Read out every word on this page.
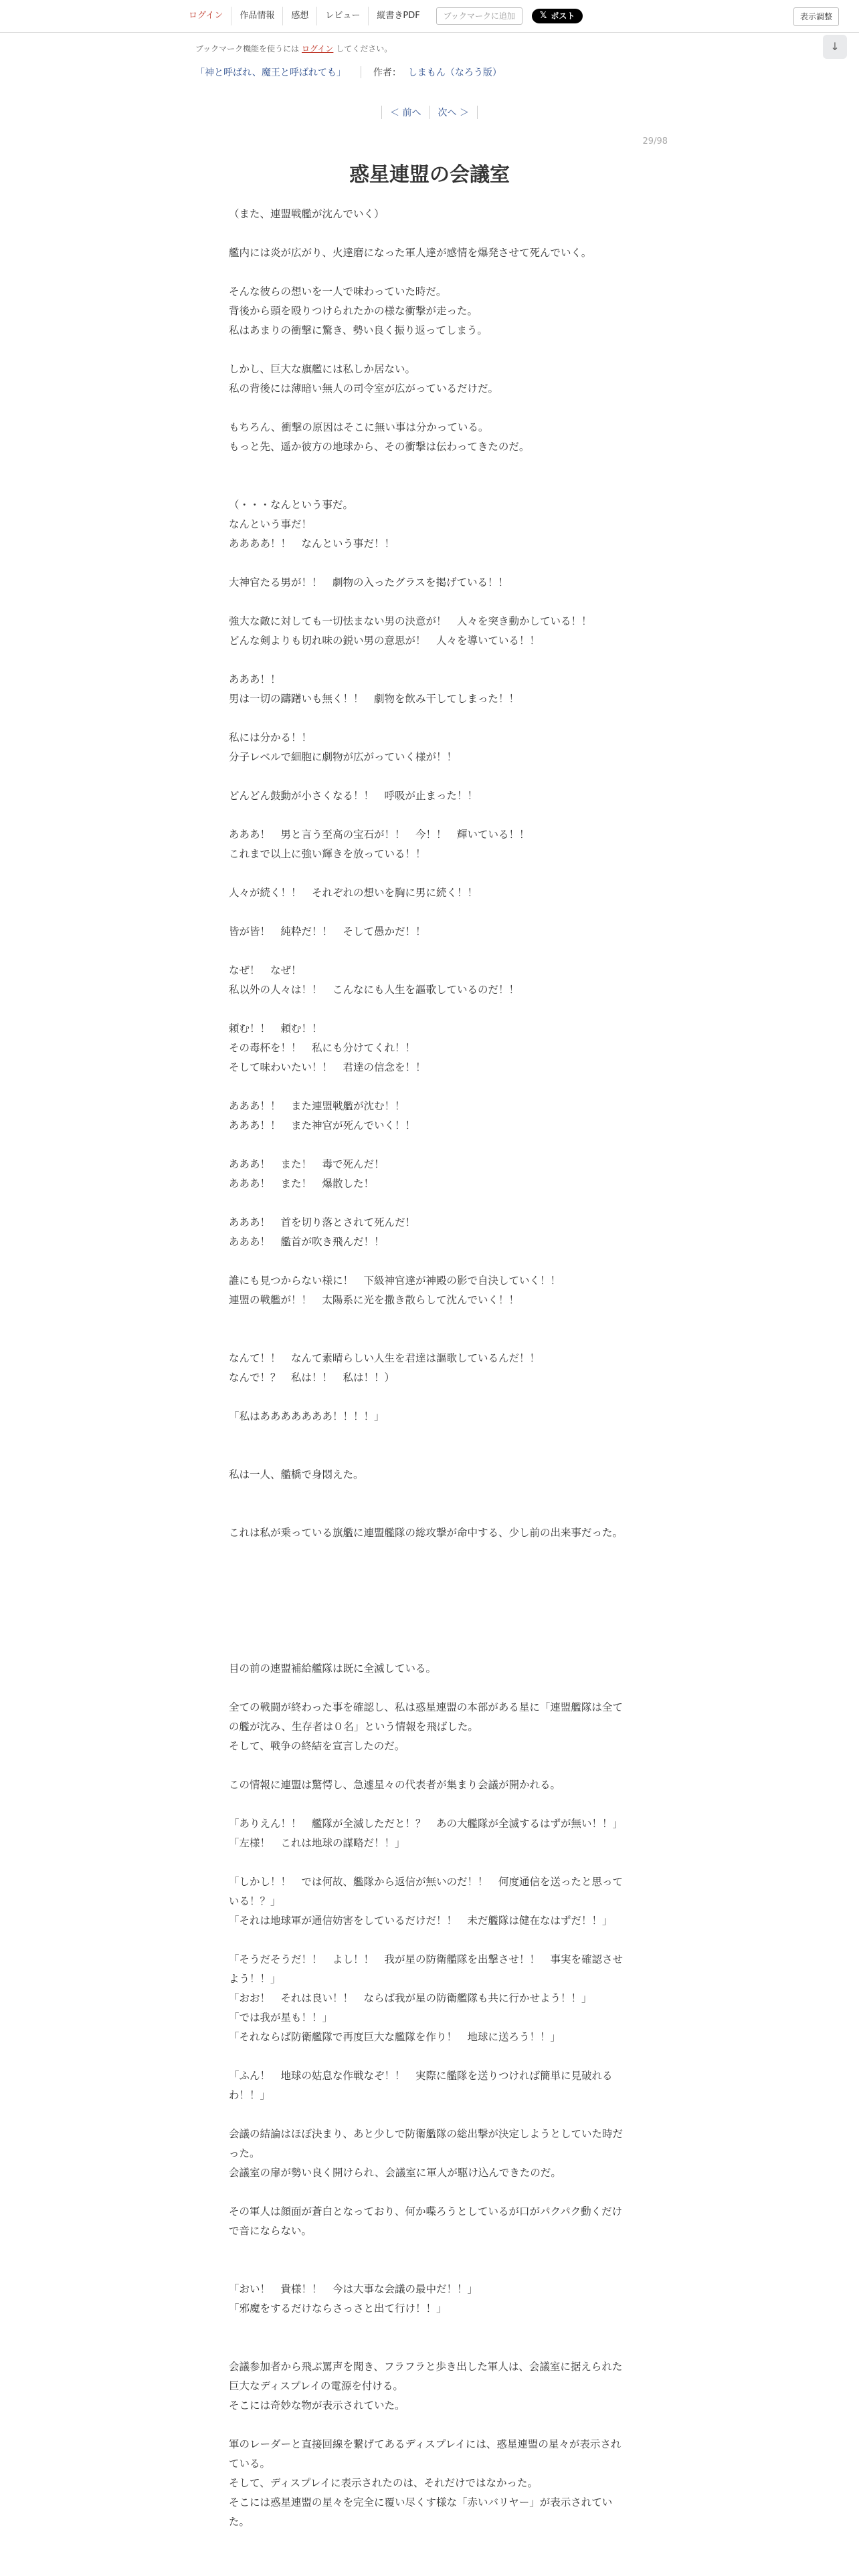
ログイン	作品情報	感想	レビュー	縦書きPDF	ブックマークに追加	𝕏 ポスト	表示調整
ブックマーク機能を使うには ログイン してください。	↓
「神と呼ばれ、魔王と呼ばれても」	作者： しまもん（なろう版）
＜ 前へ 次へ ＞
29/98
惑星連盟の会議室

（また、連盟戦艦が沈んでいく）

艦内には炎が広がり、火達磨になった軍人達が感情を爆発させて死んでいく。

そんな彼らの想いを一人で味わっていた時だ。

背後から頭を殴りつけられたかの様な衝撃が走った。

私はあまりの衝撃に驚き、勢い良く振り返ってしまう。

しかし、巨大な旗艦には私しか居ない。

私の背後には薄暗い無人の司令室が広がっているだけだ。

もちろん、衝撃の原因はそこに無い事は分かっている。

もっと先、遥か彼方の地球から、その衝撃は伝わってきたのだ。

（・・・なんという事だ。

なんという事だ！

ああああ！！　なんという事だ！！

大神官たる男が！！　劇物の入ったグラスを掲げている！！

強大な敵に対しても一切怯まない男の決意が！　人々を突き動かしている！！

どんな剣よりも切れ味の鋭い男の意思が！　人々を導いている！！

あああ！！

男は一切の躊躇いも無く！！　劇物を飲み干してしまった！！

私には分かる！！

分子レベルで細胞に劇物が広がっていく様が！！

どんどん鼓動が小さくなる！！　呼吸が止まった！！

あああ！　男と言う至高の宝石が！！　今！！　輝いている！！

これまで以上に強い輝きを放っている！！

人々が続く！！　それぞれの想いを胸に男に続く！！

皆が皆！　純粋だ！！　そして愚かだ！！

なぜ！　なぜ！

私以外の人々は！！　こんなにも人生を謳歌しているのだ！！

頼む！！　頼む！！

その毒杯を！！　私にも分けてくれ！！

そして味わいたい！！　君達の信念を！！

あああ！！　また連盟戦艦が沈む！！

あああ！！　また神官が死んでいく！！

あああ！　また！　毒で死んだ！

あああ！　また！　爆散した！

あああ！　首を切り落とされて死んだ！

あああ！　艦首が吹き飛んだ！！

誰にも見つからない様に！　下級神官達が神殿の影で自決していく！！

連盟の戦艦が！！　太陽系に光を撒き散らして沈んでいく！！

なんて！！　なんて素晴らしい人生を君達は謳歌しているんだ！！

なんで！？　私は！！　私は！！）

「私はあああああああ！！！！」

私は一人、艦橋で身悶えた。

これは私が乗っている旗艦に連盟艦隊の総攻撃が命中する、少し前の出来事だった。

目の前の連盟補給艦隊は既に全滅している。

全ての戦闘が終わった事を確認し、私は惑星連盟の本部がある星に「連盟艦隊は全ての艦が沈み、生存者は０名」という情報を飛ばした。

そして、戦争の終結を宣言したのだ。

この情報に連盟は驚愕し、急遽星々の代表者が集まり会議が開かれる。

「ありえん！！　艦隊が全滅しただと！？　あの大艦隊が全滅するはずが無い！！」

「左様！　これは地球の謀略だ！！」

「しかし！！　では何故、艦隊から返信が無いのだ！！　何度通信を送ったと思っている！？」

「それは地球軍が通信妨害をしているだけだ！！　未だ艦隊は健在なはずだ！！」

「そうだそうだ！！　よし！！　我が星の防衛艦隊を出撃させ！！　事実を確認させよう！！」

「おお！　それは良い！！　ならば我が星の防衛艦隊も共に行かせよう！！」

「では我が星も！！」

「それならば防衛艦隊で再度巨大な艦隊を作り！　地球に送ろう！！」

「ふん！　地球の姑息な作戦なぞ！！　実際に艦隊を送りつければ簡単に見破れるわ！！」

会議の結論はほぼ決まり、あと少しで防衛艦隊の総出撃が決定しようとしていた時だった。

会議室の扉が勢い良く開けられ、会議室に軍人が駆け込んできたのだ。

その軍人は顔面が蒼白となっており、何か喋ろうとしているが口がパクパク動くだけで音にならない。

「おい！　貴様！！　今は大事な会議の最中だ！！」

「邪魔をするだけならさっさと出て行け！！」

会議参加者から飛ぶ罵声を聞き、フラフラと歩き出した軍人は、会議室に据えられた巨大なディスプレイの電源を付ける。

そこには奇妙な物が表示されていた。

軍のレーダーと直接回線を繋げてあるディスプレイには、惑星連盟の星々が表示されている。

そして、ディスプレイに表示されたのは、それだけではなかった。

そこには惑星連盟の星々を完全に覆い尽くす様な「赤いバリヤー」が表示されていた。
